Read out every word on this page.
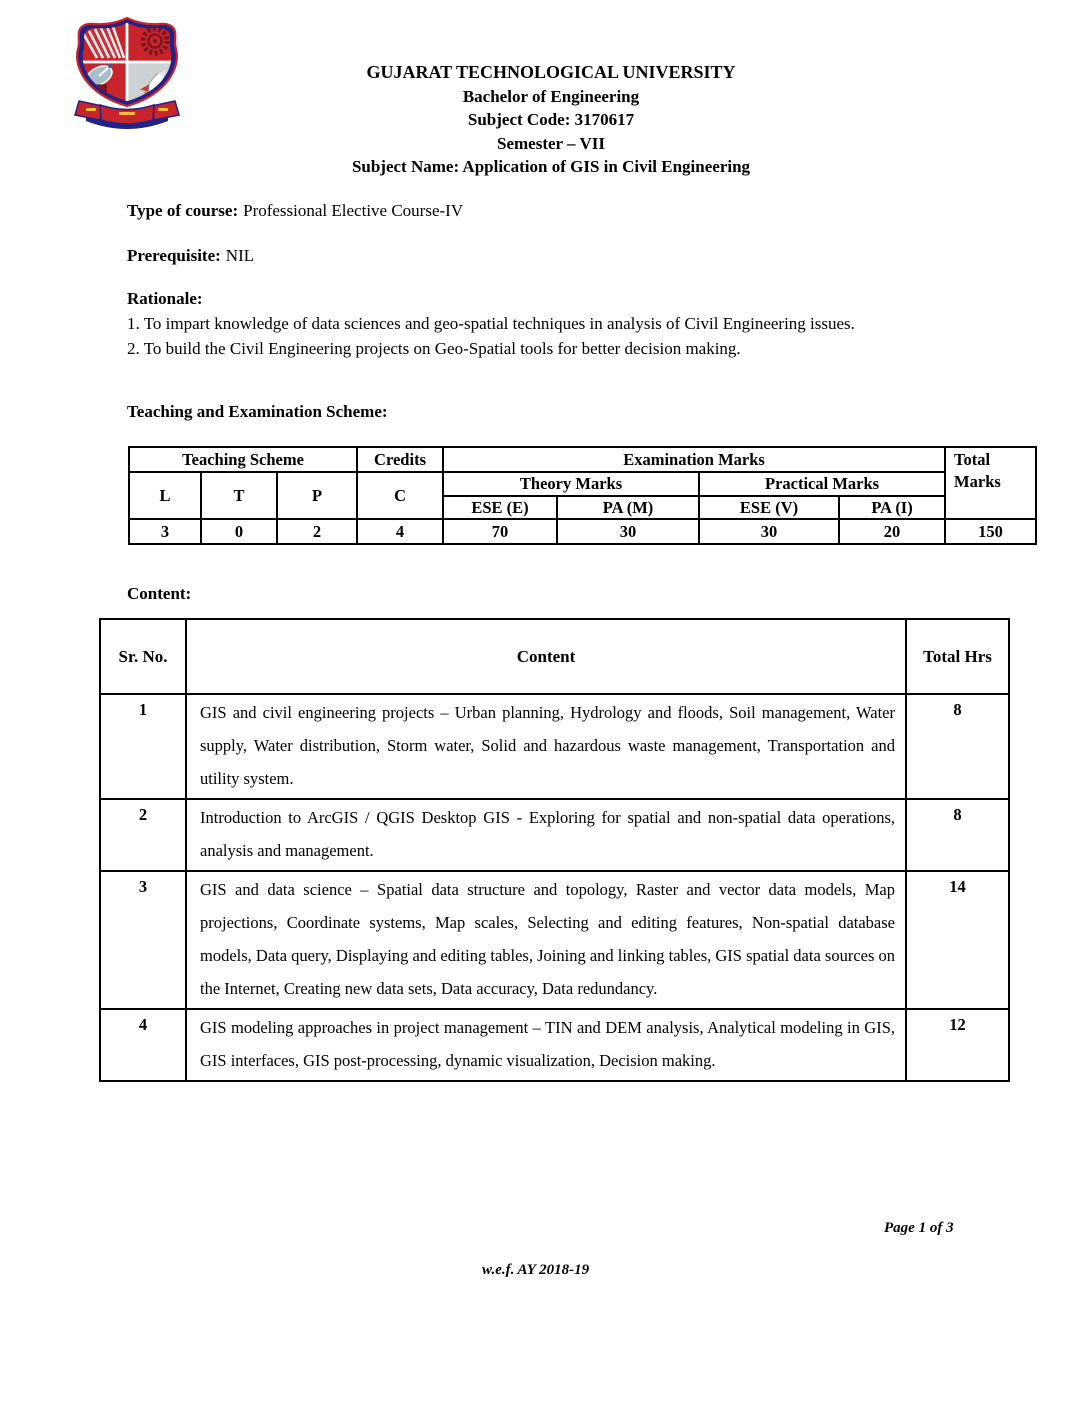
GUJARAT TECHNOLOGICAL UNIVERSITY
Bachelor of Engineering
Subject Code: 3170617
Semester – VII
Subject Name: Application of GIS in Civil Engineering
Type of course: Professional Elective Course-IV
Prerequisite: NIL
Rationale:
1. To impart knowledge of data sciences and geo-spatial techniques in analysis of Civil Engineering issues.
2. To build the Civil Engineering projects on Geo-Spatial tools for better decision making.
Teaching and Examination Scheme:
Teaching Scheme			Credits	Examination Marks				Total Marks
L	T	P	C	Theory Marks		Practical Marks		
				ESE (E)	PA (M)	ESE (V)	PA (I)	
3	0	2	4	70	30	30	20	150
Content:
Sr. No.	Content	Total Hrs
1	GIS and civil engineering projects – Urban planning, Hydrology and floods, Soil management, Water supply, Water distribution, Storm water, Solid and hazardous waste management, Transportation and utility system.	8
2	Introduction to ArcGIS / QGIS Desktop GIS - Exploring for spatial and non-spatial data operations, analysis and management.	8
3	GIS and data science – Spatial data structure and topology, Raster and vector data models, Map projections, Coordinate systems, Map scales, Selecting and editing features, Non-spatial database models, Data query, Displaying and editing tables, Joining and linking tables, GIS spatial data sources on the Internet, Creating new data sets, Data accuracy, Data redundancy.	14
4	GIS modeling approaches in project management – TIN and DEM analysis, Analytical modeling in GIS, GIS interfaces, GIS post-processing, dynamic visualization, Decision making.	12
Page 1 of 3
w.e.f. AY 2018-19
